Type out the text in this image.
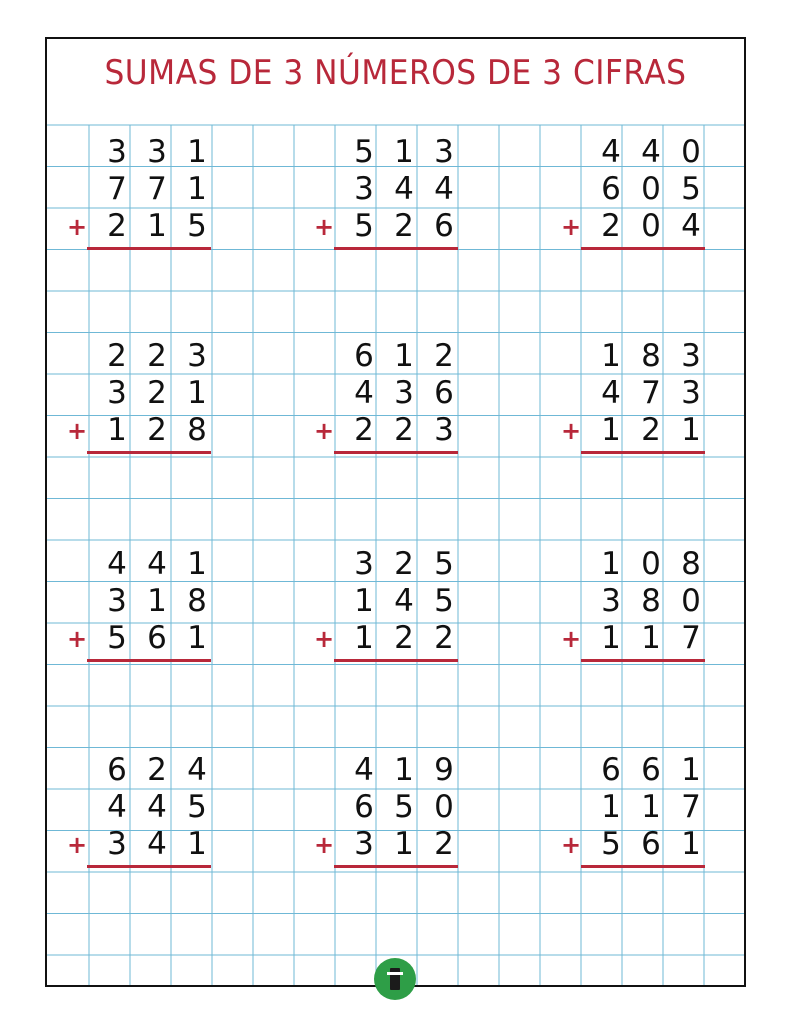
SUMAS DE 3 NÚMEROS DE 3 CIFRAS
3 3 1
7 7 1
2 1 5
+
5 1 3
3 4 4
5 2 6
+
4 4 0
6 0 5
2 0 4
+
2 2 3
3 2 1
1 2 8
+
6 1 2
4 3 6
2 2 3
+
1 8 3
4 7 3
1 2 1
+
4 4 1
3 1 8
5 6 1
+
3 2 5
1 4 5
1 2 2
+
1 0 8
3 8 0
1 1 7
+
6 2 4
4 4 5
3 4 1
+
4 1 9
6 5 0
3 1 2
+
6 6 1
1 1 7
5 6 1
+
